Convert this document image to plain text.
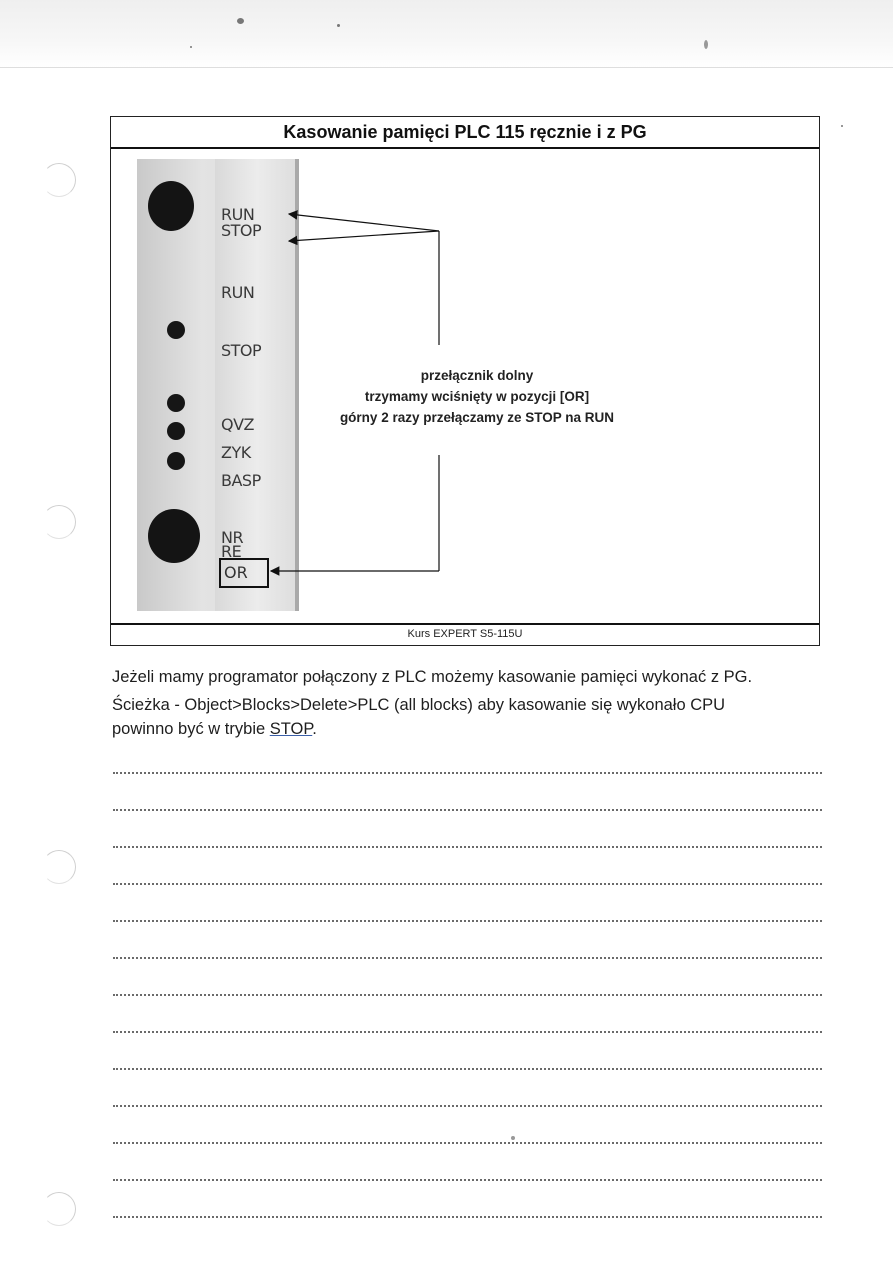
Kasowanie pamięci PLC 115 ręcznie i z PG
RUN
STOP
RUN
STOP
QVZ
ZYK
BASP
NR
RE
OR
przełącznik dolny
trzymamy wciśnięty w pozycji [OR]
górny 2 razy przełączamy ze STOP na RUN
Kurs EXPERT S5-115U

Jeżeli mamy programator połączony z PLC możemy kasowanie pamięci wykonać z PG.

Ścieżka - Object>Blocks>Delete>PLC (all blocks) aby kasowanie się wykonało CPU
powinno być w trybie STOP.
